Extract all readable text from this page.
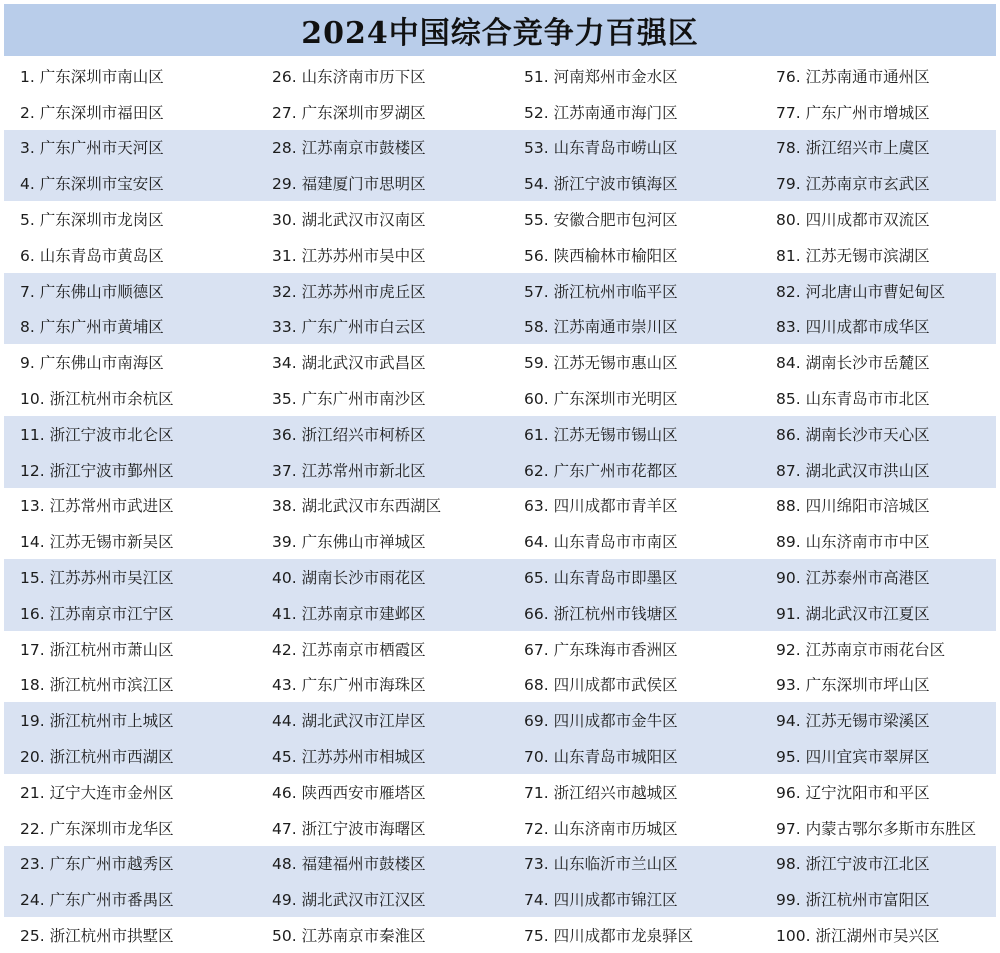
2024中国综合竞争力百强区
1. 广东深圳市南山区	26. 山东济南市历下区	51. 河南郑州市金水区	76. 江苏南通市通州区
2. 广东深圳市福田区	27. 广东深圳市罗湖区	52. 江苏南通市海门区	77. 广东广州市增城区
3. 广东广州市天河区	28. 江苏南京市鼓楼区	53. 山东青岛市崂山区	78. 浙江绍兴市上虞区
4. 广东深圳市宝安区	29. 福建厦门市思明区	54. 浙江宁波市镇海区	79. 江苏南京市玄武区
5. 广东深圳市龙岗区	30. 湖北武汉市汉南区	55. 安徽合肥市包河区	80. 四川成都市双流区
6. 山东青岛市黄岛区	31. 江苏苏州市吴中区	56. 陕西榆林市榆阳区	81. 江苏无锡市滨湖区
7. 广东佛山市顺德区	32. 江苏苏州市虎丘区	57. 浙江杭州市临平区	82. 河北唐山市曹妃甸区
8. 广东广州市黄埔区	33. 广东广州市白云区	58. 江苏南通市崇川区	83. 四川成都市成华区
9. 广东佛山市南海区	34. 湖北武汉市武昌区	59. 江苏无锡市惠山区	84. 湖南长沙市岳麓区
10. 浙江杭州市余杭区	35. 广东广州市南沙区	60. 广东深圳市光明区	85. 山东青岛市市北区
11. 浙江宁波市北仑区	36. 浙江绍兴市柯桥区	61. 江苏无锡市锡山区	86. 湖南长沙市天心区
12. 浙江宁波市鄞州区	37. 江苏常州市新北区	62. 广东广州市花都区	87. 湖北武汉市洪山区
13. 江苏常州市武进区	38. 湖北武汉市东西湖区	63. 四川成都市青羊区	88. 四川绵阳市涪城区
14. 江苏无锡市新吴区	39. 广东佛山市禅城区	64. 山东青岛市市南区	89. 山东济南市市中区
15. 江苏苏州市吴江区	40. 湖南长沙市雨花区	65. 山东青岛市即墨区	90. 江苏泰州市高港区
16. 江苏南京市江宁区	41. 江苏南京市建邺区	66. 浙江杭州市钱塘区	91. 湖北武汉市江夏区
17. 浙江杭州市萧山区	42. 江苏南京市栖霞区	67. 广东珠海市香洲区	92. 江苏南京市雨花台区
18. 浙江杭州市滨江区	43. 广东广州市海珠区	68. 四川成都市武侯区	93. 广东深圳市坪山区
19. 浙江杭州市上城区	44. 湖北武汉市江岸区	69. 四川成都市金牛区	94. 江苏无锡市梁溪区
20. 浙江杭州市西湖区	45. 江苏苏州市相城区	70. 山东青岛市城阳区	95. 四川宜宾市翠屏区
21. 辽宁大连市金州区	46. 陕西西安市雁塔区	71. 浙江绍兴市越城区	96. 辽宁沈阳市和平区
22. 广东深圳市龙华区	47. 浙江宁波市海曙区	72. 山东济南市历城区	97. 内蒙古鄂尔多斯市东胜区
23. 广东广州市越秀区	48. 福建福州市鼓楼区	73. 山东临沂市兰山区	98. 浙江宁波市江北区
24. 广东广州市番禺区	49. 湖北武汉市江汉区	74. 四川成都市锦江区	99. 浙江杭州市富阳区
25. 浙江杭州市拱墅区	50. 江苏南京市秦淮区	75. 四川成都市龙泉驿区	100. 浙江湖州市吴兴区
